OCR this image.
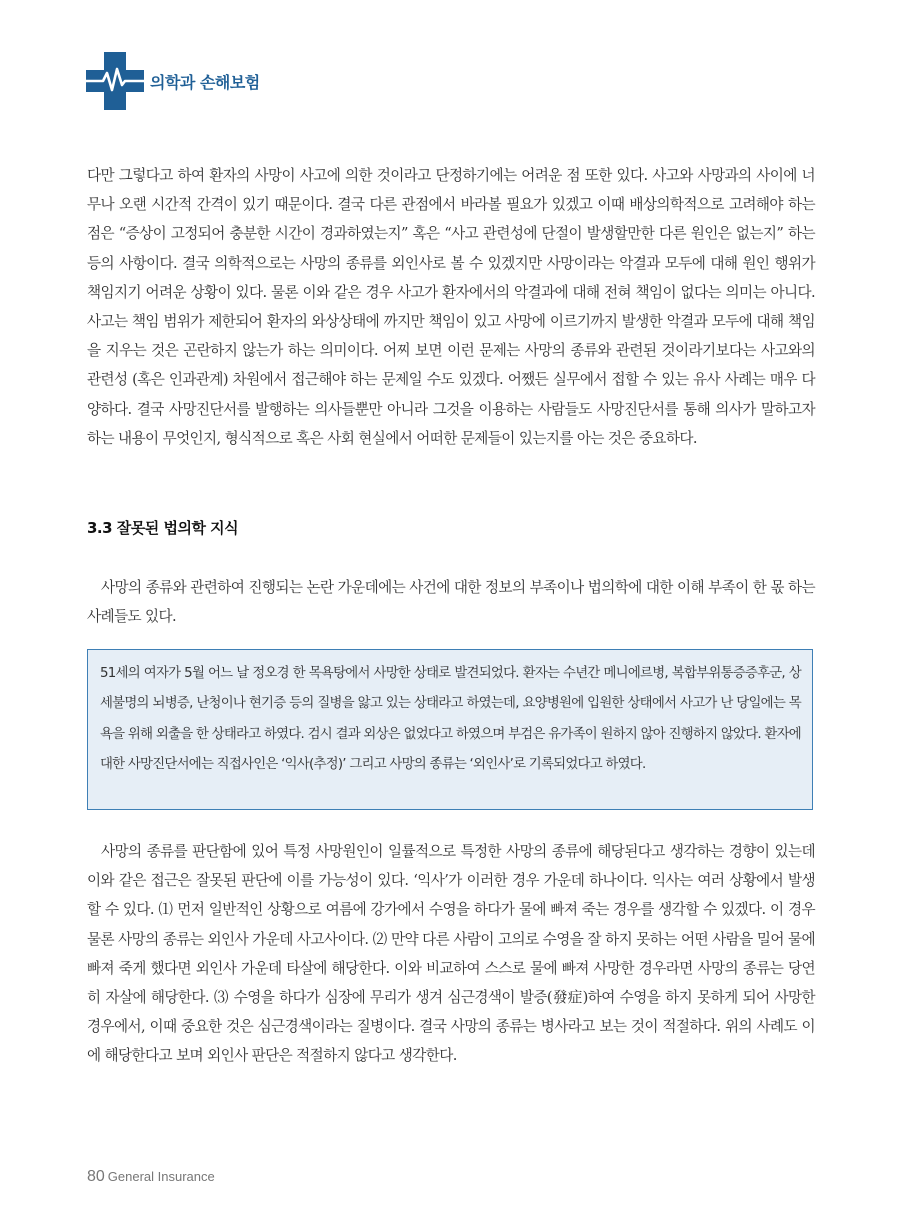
의학과 손해보험

다만 그렇다고 하여 환자의 사망이 사고에 의한 것이라고 단정하기에는 어려운 점 또한 있다. 사고와 사망과의 사이에 너무나 오랜 시간적 간격이 있기 때문이다. 결국 다른 관점에서 바라볼 필요가 있겠고 이때 배상의학적으로 고려해야 하는 점은 “증상이 고정되어 충분한 시간이 경과하였는지” 혹은 “사고 관련성에 단절이 발생할만한 다른 원인은 없는지” 하는 등의 사항이다. 결국 의학적으로는 사망의 종류를 외인사로 볼 수 있겠지만 사망이라는 악결과 모두에 대해 원인 행위가 책임지기 어려운 상황이 있다. 물론 이와 같은 경우 사고가 환자에서의 악결과에 대해 전혀 책임이 없다는 의미는 아니다. 사고는 책임 범위가 제한되어 환자의 와상상태에 까지만 책임이 있고 사망에 이르기까지 발생한 악결과 모두에 대해 책임을 지우는 것은 곤란하지 않는가 하는 의미이다. 어찌 보면 이런 문제는 사망의 종류와 관련된 것이라기보다는 사고와의 관련성 (혹은 인과관계) 차원에서 접근해야 하는 문제일 수도 있겠다. 어쨌든 실무에서 접할 수 있는 유사 사례는 매우 다양하다. 결국 사망진단서를 발행하는 의사들뿐만 아니라 그것을 이용하는 사람들도 사망진단서를 통해 의사가 말하고자 하는 내용이 무엇인지, 형식적으로 혹은 사회 현실에서 어떠한 문제들이 있는지를 아는 것은 중요하다.

3.3 잘못된 법의학 지식

사망의 종류와 관련하여 진행되는 논란 가운데에는 사건에 대한 정보의 부족이나 법의학에 대한 이해 부족이 한 몫 하는 사례들도 있다.

51세의 여자가 5월 어느 날 정오경 한 목욕탕에서 사망한 상태로 발견되었다. 환자는 수년간 메니에르병, 복합부위통증증후군, 상세불명의 뇌병증, 난청이나 현기증 등의 질병을 앓고 있는 상태라고 하였는데, 요양병원에 입원한 상태에서 사고가 난 당일에는 목욕을 위해 외출을 한 상태라고 하였다. 검시 결과 외상은 없었다고 하였으며 부검은 유가족이 원하지 않아 진행하지 않았다. 환자에 대한 사망진단서에는 직접사인은 ‘익사(추정)’ 그리고 사망의 종류는 ‘외인사’로 기록되었다고 하였다.

사망의 종류를 판단함에 있어 특정 사망원인이 일률적으로 특정한 사망의 종류에 해당된다고 생각하는 경향이 있는데 이와 같은 접근은 잘못된 판단에 이를 가능성이 있다. ‘익사’가 이러한 경우 가운데 하나이다. 익사는 여러 상황에서 발생할 수 있다. ⑴ 먼저 일반적인 상황으로 여름에 강가에서 수영을 하다가 물에 빠져 죽는 경우를 생각할 수 있겠다. 이 경우 물론 사망의 종류는 외인사 가운데 사고사이다. ⑵ 만약 다른 사람이 고의로 수영을 잘 하지 못하는 어떤 사람을 밀어 물에 빠져 죽게 했다면 외인사 가운데 타살에 해당한다. 이와 비교하여 스스로 물에 빠져 사망한 경우라면 사망의 종류는 당연히 자살에 해당한다. ⑶ 수영을 하다가 심장에 무리가 생겨 심근경색이 발증(發症)하여 수영을 하지 못하게 되어 사망한 경우에서, 이때 중요한 것은 심근경색이라는 질병이다. 결국 사망의 종류는 병사라고 보는 것이 적절하다. 위의 사례도 이에 해당한다고 보며 외인사 판단은 적절하지 않다고 생각한다.

80 General Insurance
